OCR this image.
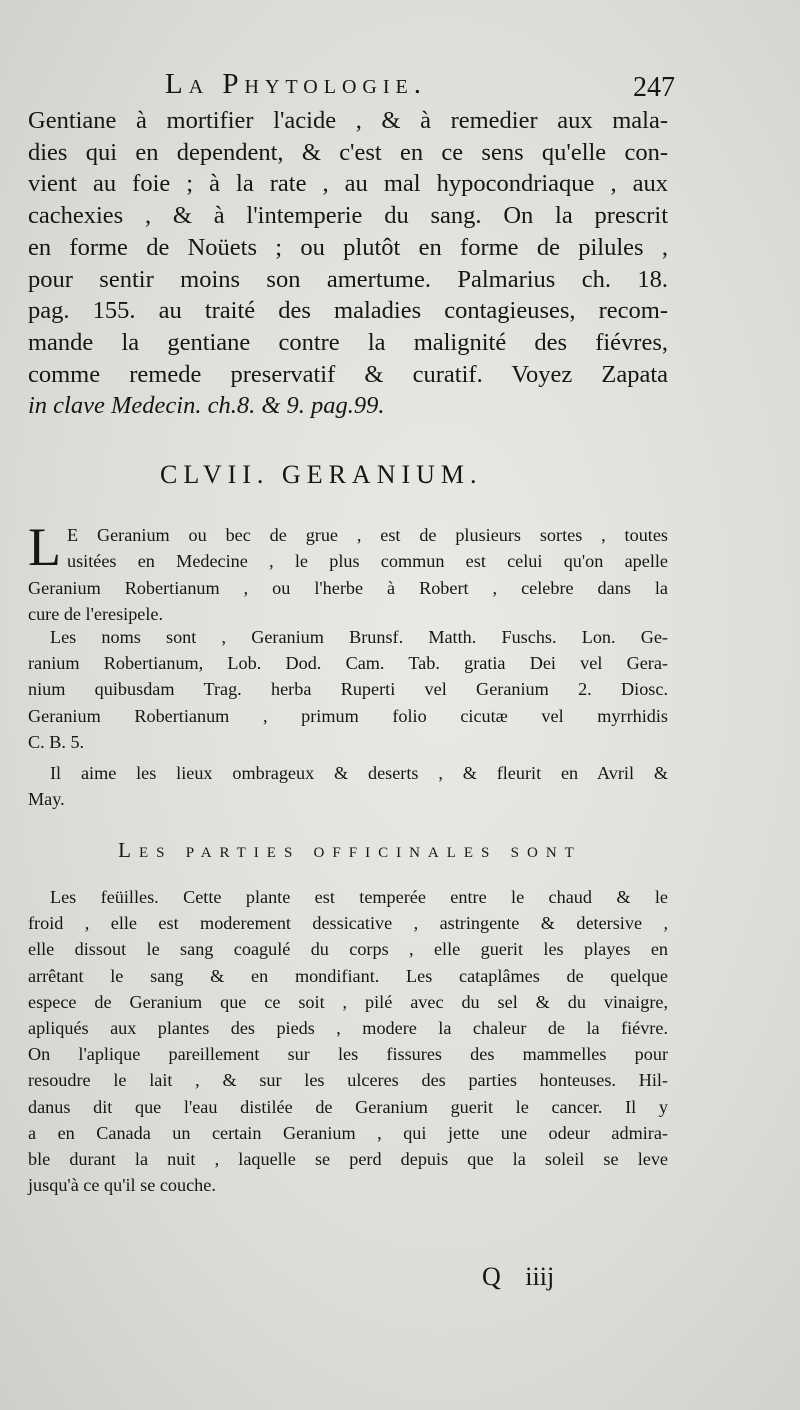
La Phytologie.	247
Gentiane à mortifier l'acide , & à remedier aux mala-
dies qui en dependent, & c'est en ce sens qu'elle con-
vient au foie ; à la rate , au mal hypocondriaque , aux
cachexies , & à l'intemperie du sang. On la prescrit
en forme de Noüets ; ou plutôt en forme de pilules ,
pour sentir moins son amertume. Palmarius ch. 18.
pag. 155. au traité des maladies contagieuses, recom-
mande la gentiane contre la malignité des fiévres,
comme remede preservatif & curatif. Voyez Zapata
in clave Medecin. ch.8. & 9. pag.99.
CLVII. GERANIUM.
L E Geranium ou bec de grue , est de plusieurs sortes , toutes
usitées en Medecine , le plus commun est celui qu'on apelle
Geranium Robertianum , ou l'herbe à Robert , celebre dans la
cure de l'eresipele.
Les noms sont , Geranium Brunsf. Matth. Fuschs. Lon. Ge-
ranium Robertianum, Lob. Dod. Cam. Tab. gratia Dei vel Gera-
nium quibusdam Trag. herba Ruperti vel Geranium 2. Diosc.
Geranium Robertianum , primum folio cicutæ vel myrrhidis
C. B. 5.
Il aime les lieux ombrageux & deserts , & fleurit en Avril &
May.
Les parties officinales sont
Les feüilles. Cette plante est temperée entre le chaud & le
froid , elle est moderement dessicative , astringente & detersive ,
elle dissout le sang coagulé du corps , elle guerit les playes en
arrêtant le sang & en mondifiant. Les cataplâmes de quelque
espece de Geranium que ce soit , pilé avec du sel & du vinaigre,
apliqués aux plantes des pieds , modere la chaleur de la fiévre.
On l'aplique pareillement sur les fissures des mammelles pour
resoudre le lait , & sur les ulceres des parties honteuses. Hil-
danus dit que l'eau distilée de Geranium guerit le cancer. Il y
a en Canada un certain Geranium , qui jette une odeur admira-
ble durant la nuit , laquelle se perd depuis que la soleil se leve
jusqu'à ce qu'il se couche.
Q iiij
